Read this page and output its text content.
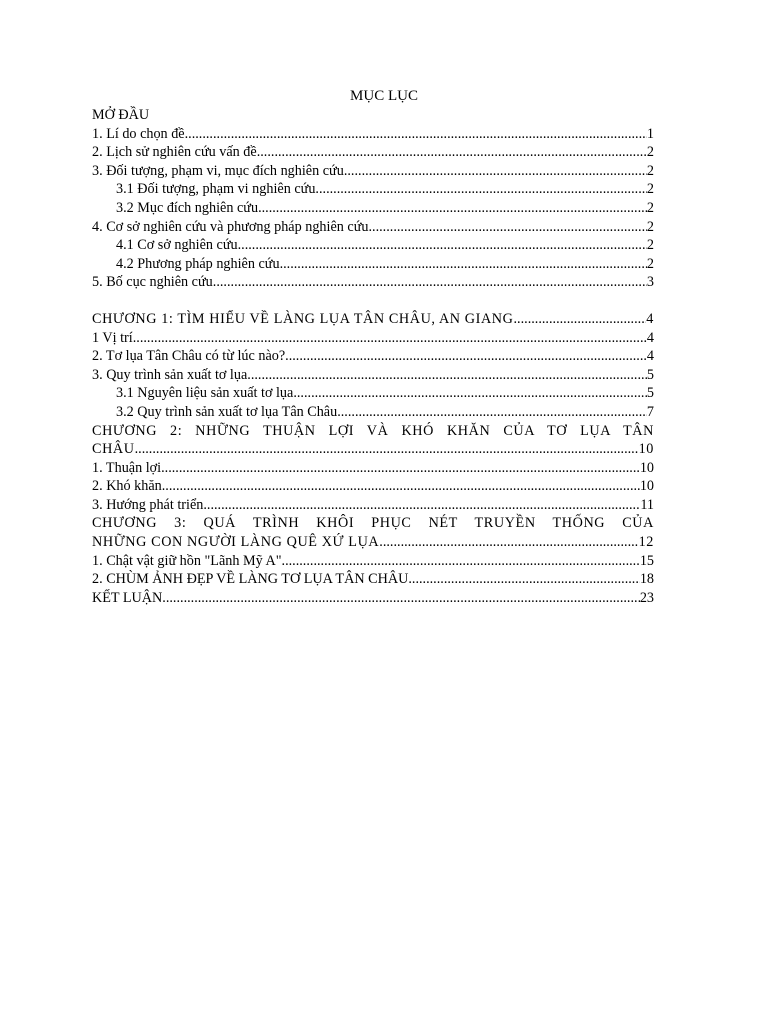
MỤC LỤC
MỞ ĐẦU
1. Lí do chọn đề .....	1
2. Lịch sử nghiên cứu vấn đề .....	2
3. Đối tượng, phạm vi, mục đích nghiên cứu .....	2
3.1 Đối tượng, phạm vi nghiên cứu .....	2
3.2 Mục đích nghiên cứu .....	2
4. Cơ sở nghiên cứu và phương pháp nghiên cứu .....	2
4.1 Cơ sở nghiên cứu .....	2
4.2 Phương pháp nghiên cứu .....	2
5. Bố cục nghiên cứu .....	3
CHƯƠNG 1: TÌM HIỂU VỀ LÀNG LỤA TÂN CHÂU, AN GIANG .....	4
1 Vị trí .....	4
2. Tơ lụa Tân Châu có từ lúc nào? .....	4
3. Quy trình sản xuất tơ lụa .....	5
3.1 Nguyên liệu sản xuất tơ lụa .....	5
3.2 Quy trình sản xuất tơ lụa Tân Châu .....	7
CHƯƠNG 2: NHỮNG THUẬN LỢI VÀ KHÓ KHĂN CỦA TƠ LỤA TÂN
CHÂU .....	10
1. Thuận lợi .....	10
2. Khó khăn .....	10
3. Hướng phát triển .....	11
CHƯƠNG 3: QUÁ TRÌNH KHÔI PHỤC NÉT TRUYỀN THỐNG CỦA
NHỮNG CON NGƯỜI LÀNG QUÊ XỨ LỤA .....	12
1. Chật vật giữ hồn "Lãnh Mỹ A" .....	15
2. CHÙM ẢNH ĐẸP VỀ LÀNG TƠ LỤA TÂN CHÂU .....	18
KẾT LUẬN .....	23
